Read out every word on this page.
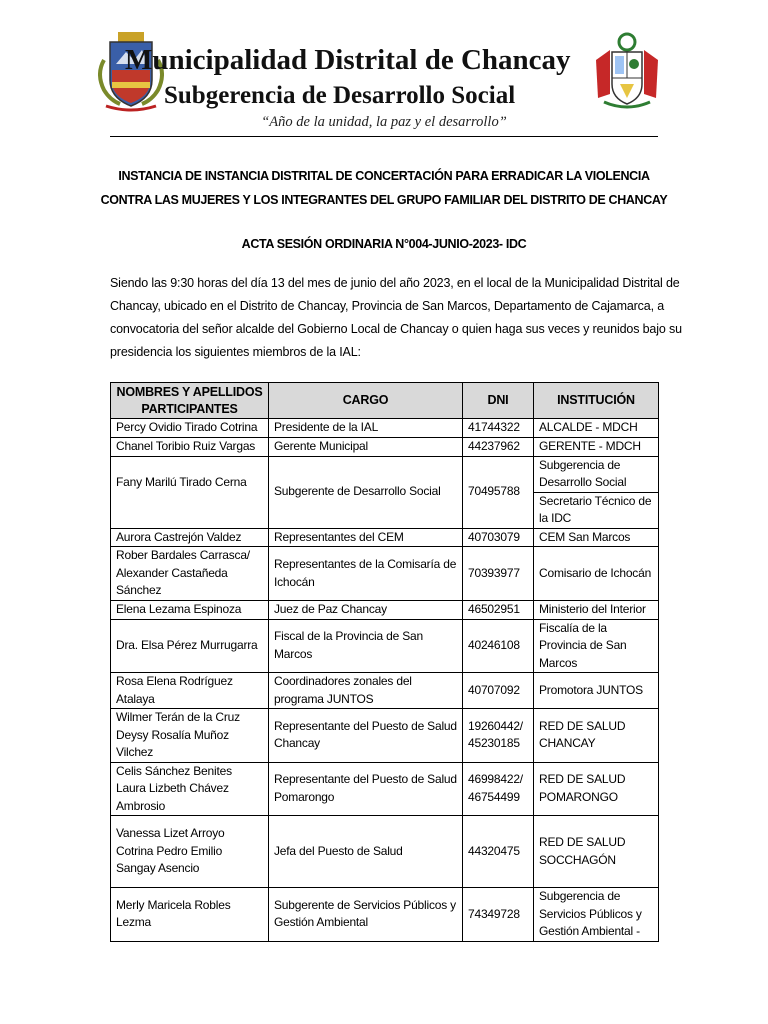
Municipalidad Distrital de Chancay
Subgerencia de Desarrollo Social
“Año de la unidad, la paz y el desarrollo”
INSTANCIA DE INSTANCIA DISTRITAL DE CONCERTACIÓN PARA ERRADICAR LA VIOLENCIA
CONTRA LAS MUJERES Y LOS INTEGRANTES DEL GRUPO FAMILIAR DEL DISTRITO DE CHANCAY
ACTA SESIÓN ORDINARIA N°004-JUNIO-2023- IDC
Siendo las 9:30 horas del día 13 del mes de junio del año 2023, en el local de la Municipalidad Distrital de
Chancay, ubicado en el Distrito de Chancay, Provincia de San Marcos, Departamento de Cajamarca, a
convocatoria del señor alcalde del Gobierno Local de Chancay o quien haga sus veces y reunidos bajo su
presidencia los siguientes miembros de la IAL:
NOMBRES Y APELLIDOS PARTICIPANTES	CARGO	DNI	INSTITUCIÓN
Percy Ovidio Tirado Cotrina	Presidente de la IAL	41744322	ALCALDE - MDCH
Chanel Toribio Ruiz Vargas	Gerente Municipal	44237962	GERENTE - MDCH
Fany Marilú Tirado Cerna	Subgerente de Desarrollo Social	70495788	Subgerencia de Desarrollo Social
			Secretario Técnico de la IDC
Aurora Castrejón Valdez	Representantes del CEM	40703079	CEM San Marcos
Rober Bardales Carrasca/ Alexander Castañeda Sánchez	Representantes de la Comisaría de Ichocán	70393977	Comisario de Ichocán
Elena Lezama Espinoza	Juez de Paz Chancay	46502951	Ministerio del Interior
Dra. Elsa Pérez Murrugarra	Fiscal de la Provincia de San Marcos	40246108	Fiscalía de la Provincia de San Marcos
Rosa Elena Rodríguez Atalaya	Coordinadores zonales del programa JUNTOS	40707092	Promotora JUNTOS
Wilmer Terán de la Cruz Deysy Rosalía Muñoz Vilchez	Representante del Puesto de Salud Chancay	19260442/ 45230185	RED DE SALUD CHANCAY
Celis Sánchez Benites Laura Lizbeth Chávez Ambrosio	Representante del Puesto de Salud Pomarongo	46998422/ 46754499	RED DE SALUD POMARONGO
Vanessa Lizet Arroyo Cotrina Pedro Emilio Sangay Asencio	Jefa del Puesto de Salud	44320475	RED DE SALUD SOCCHAGÓN
Merly Maricela Robles Lezma	Subgerente de Servicios Públicos y Gestión Ambiental	74349728	Subgerencia de Servicios Públicos y Gestión Ambiental -
